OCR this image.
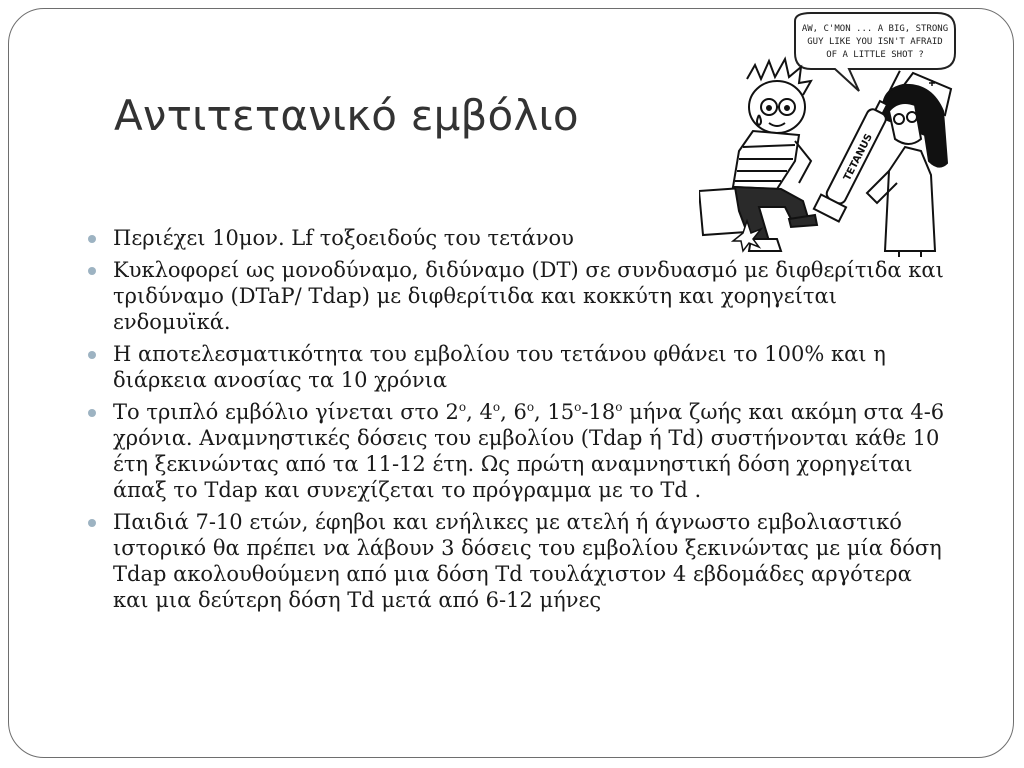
Αντιτετανικό εμβόλιο
AW, C'MON ... A BIG, STRONG
GUY LIKE YOU ISN'T AFRAID
OF A LITTLE SHOT ?
TETANUS
Περιέχει 10μον. Lf τοξοειδούς του τετάνου
Κυκλοφορεί ως μονοδύναμο, διδύναμο (DT) σε συνδυασμό με διφθερίτιδα και τριδύναμο (DTaP/ Tdap) με διφθερίτιδα και κοκκύτη και χορηγείται ενδομυϊκά.
Η αποτελεσματικότητα του εμβολίου του τετάνου φθάνει το 100% και η διάρκεια ανοσίας τα 10 χρόνια
Το τριπλό εμβόλιο γίνεται στο $2^o$, $4^o$, $6^o$, $15^o-18^o$ μήνα ζωής και ακόμη στα 4-6 χρόνια. Αναμνηστικές δόσεις του εμβολίου (Tdap ή Td) συστήνονται κάθε 10 έτη ξεκινώντας από τα 11-12 έτη. Ως πρώτη αναμνηστική δόση χορηγείται άπαξ το Tdap και συνεχίζεται το πρόγραμμα με το Td .
Παιδιά 7-10 ετών, έφηβοι και ενήλικες με ατελή ή άγνωστο εμβολιαστικό ιστορικό θα πρέπει να λάβουν 3 δόσεις του εμβολίου ξεκινώντας με μία δόση Tdap ακολουθούμενη από μια δόση Td τουλάχιστον 4 εβδομάδες αργότερα και μια δεύτερη δόση Td μετά από 6-12 μήνες
